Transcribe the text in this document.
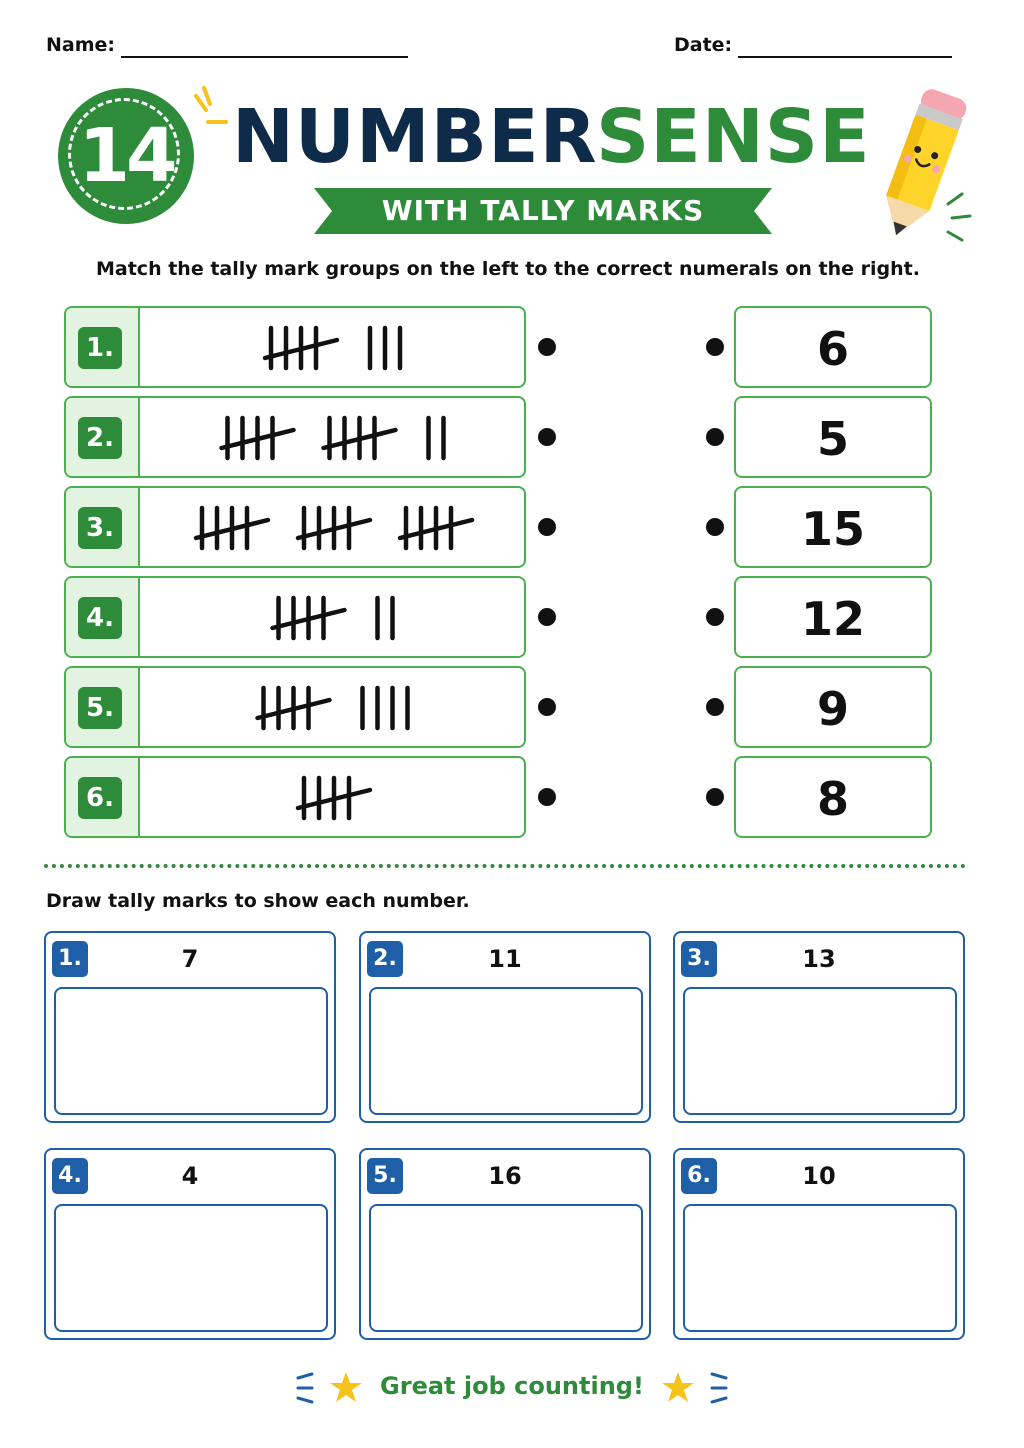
Name:	Date:
14 NUMBER
SENSE
WITH TALLY MARKS
Match the tally mark groups on the left to the correct numerals on the right.
1.	6
2.	5
3.	15
4.	12
5.	9
6.	8
Draw tally marks to show each number.
7
1.	11
2.	13
3.
4
4.	16
5.	10
6.
Great job counting!
